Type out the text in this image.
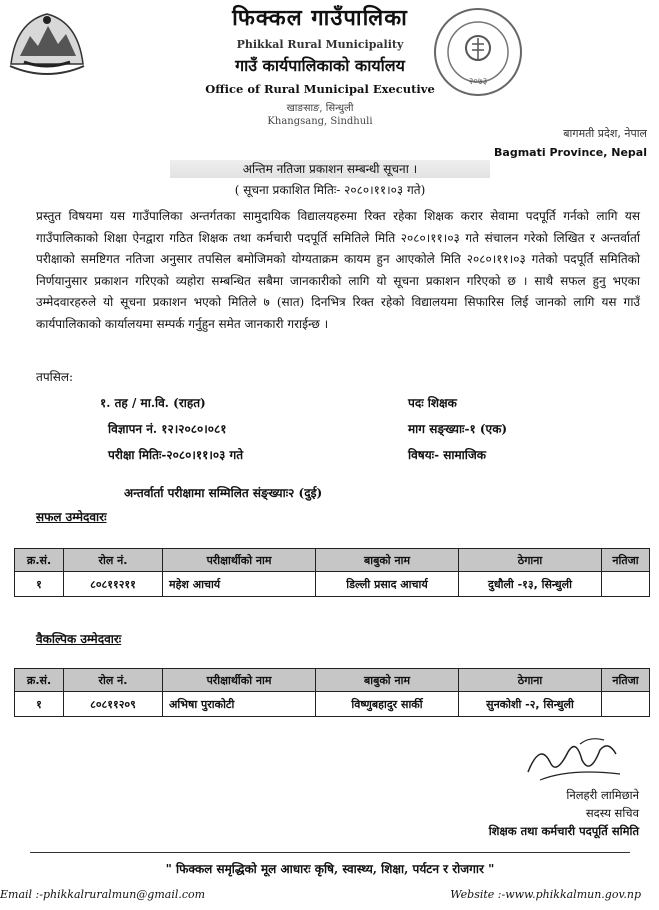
२०७३
फिक्कल गाउँपालिका
Phikkal Rural Municipality
गाउँ कार्यपालिकाको कार्यालय
Office of Rural Municipal Executive
खाङसाङ, सिन्धुली
Khangsang, Sindhuli
बागमती प्रदेश, नेपाल
Bagmati Province, Nepal
अन्तिम नतिजा प्रकाशन सम्बन्धी सूचना ।
( सूचना प्रकाशित मितिः- २०८०।११।०३ गते)
प्रस्तुत विषयमा यस गाउँपालिका अन्तर्गतका सामुदायिक विद्यालयहरुमा रिक्त रहेका शिक्षक करार सेवामा पदपूर्ति गर्नको लागि यस गाउँपालिकाको शिक्षा ऐनद्वारा गठित शिक्षक तथा कर्मचारी पदपूर्ति समितिले मिति २०८०।११।०३ गते संचालन गरेको लिखित र अन्तर्वार्ता परीक्षाको समष्टिगत नतिजा अनुसार तपसिल बमोजिमको योग्यताक्रम कायम हुन आएकोले मिति २०८०।११।०३ गतेको पदपूर्ति समितिको निर्णयानुसार प्रकाशन गरिएको व्यहोरा सम्बन्धित सबैमा जानकारीको लागि यो सूचना प्रकाशन गरिएको छ । साथै सफल हुनु भएका उम्मेदवारहरुले यो सूचना प्रकाशन भएको मितिले ७ (सात) दिनभित्र रिक्त रहेको विद्यालयमा सिफारिस लिई जानको लागि यस गाउँ कार्यपालिकाको कार्यालयमा सम्पर्क गर्नुहुन समेत जानकारी गराईन्छ ।
तपसिल:
१. तह / मा.वि. (राहत)	पदः शिक्षक
विज्ञापन नं. १२।२०८०।०८१	माग सङ्ख्याः-१ (एक)
परीक्षा मितिः-२०८०।११।०३ गते	विषयः- सामाजिक
अन्तर्वार्ता परीक्षामा सम्मिलित संङ्ख्याः२ (दुई)
सफल उम्मेदवारः
क्र.सं.	रोल नं.	परीक्षार्थीको नाम	बाबुको नाम	ठेगाना	नतिजा
१	८०८११२११	महेश आचार्य	डिल्ली प्रसाद आचार्य	दुधौली -१३, सिन्धुली	
वैकल्पिक उम्मेदवारः
क्र.सं.	रोल नं.	परीक्षार्थीको नाम	बाबुको नाम	ठेगाना	नतिजा
१	८०८११२०९	अभिषा पुराकोटी	विष्णुबहादुर सार्की	सुनकोशी -२, सिन्धुली	
निलहरी लामिछाने
सदस्य सचिव
शिक्षक तथा कर्मचारी पदपूर्ति समिति
" फिक्कल समृद्धिको मूल आधारः कृषि, स्वास्थ्य, शिक्षा, पर्यटन र रोजगार "
Email :-phikkalruralmun@gmail.com	Website :-www.phikkalmun.gov.np
